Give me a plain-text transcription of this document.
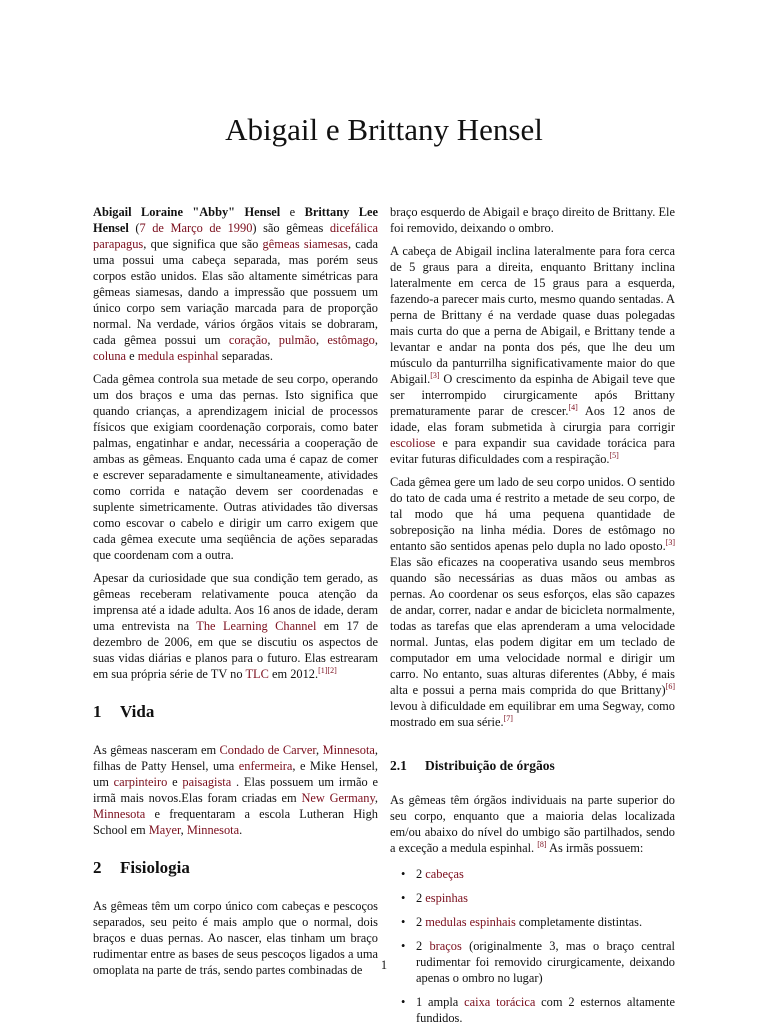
Abigail e Brittany Hensel

Abigail Loraine "Abby" Hensel e Brittany Lee Hensel (7 de Março de 1990) são gêmeas dicefálica parapagus, que significa que são gêmeas siamesas, cada uma possui uma cabeça separada, mas porém seus corpos estão unidos. Elas são altamente simétricas para gêmeas siamesas, dando a impressão que possuem um único corpo sem variação marcada para de proporção normal. Na verdade, vários órgãos vitais se dobraram, cada gêmea possui um coração, pulmão, estômago, coluna e medula espinhal separadas.

Cada gêmea controla sua metade de seu corpo, operando um dos braços e uma das pernas. Isto significa que quando crianças, a aprendizagem inicial de processos físicos que exigiam coordenação corporais, como bater palmas, engatinhar e andar, necessária a cooperação de ambas as gêmeas. Enquanto cada uma é capaz de comer e escrever separadamente e simultaneamente, atividades como corrida e natação devem ser coordenadas e suplente simetricamente. Outras atividades tão diversas como escovar o cabelo e dirigir um carro exigem que cada gêmea execute uma seqüência de ações separadas que coordenam com a outra.

Apesar da curiosidade que sua condição tem gerado, as gêmeas receberam relativamente pouca atenção da imprensa até a idade adulta. Aos 16 anos de idade, deram uma entrevista na The Learning Channel em 17 de dezembro de 2006, em que se discutiu os aspectos de suas vidas diárias e planos para o futuro. Elas estrearam em sua própria série de TV no TLC em 2012.[1][2]

1 Vida

As gêmeas nasceram em Condado de Carver, Minnesota, filhas de Patty Hensel, uma enfermeira, e Mike Hensel, um carpinteiro e paisagista . Elas possuem um irmão e irmã mais novos.Elas foram criadas em New Germany, Minnesota e frequentaram a escola Lutheran High School em Mayer, Minnesota.

2 Fisiologia

As gêmeas têm um corpo único com cabeças e pescoços separados, seu peito é mais amplo que o normal, dois braços e duas pernas. Ao nascer, elas tinham um braço rudimentar entre as bases de seus pescoços ligados a uma omoplata na parte de trás, sendo partes combinadas de

braço esquerdo de Abigail e braço direito de Brittany. Ele foi removido, deixando o ombro.

A cabeça de Abigail inclina lateralmente para fora cerca de 5 graus para a direita, enquanto Brittany inclina lateralmente em cerca de 15 graus para a esquerda, fazendo-a parecer mais curto, mesmo quando sentadas. A perna de Brittany é na verdade quase duas polegadas mais curta do que a perna de Abigail, e Brittany tende a levantar e andar na ponta dos pés, que lhe deu um músculo da panturrilha significativamente maior do que Abigail.[3] O crescimento da espinha de Abigail teve que ser interrompido cirurgicamente após Brittany prematuramente parar de crescer.[4] Aos 12 anos de idade, elas foram submetida à cirurgia para corrigir escoliose e para expandir sua cavidade torácica para evitar futuras dificuldades com a respiração.[5]

Cada gêmea gere um lado de seu corpo unidos. O sentido do tato de cada uma é restrito a metade de seu corpo, de tal modo que há uma pequena quantidade de sobreposição na linha média. Dores de estômago no entanto são sentidos apenas pelo dupla no lado oposto.[3] Elas são eficazes na cooperativa usando seus membros quando são necessárias as duas mãos ou ambas as pernas. Ao coordenar os seus esforços, elas são capazes de andar, correr, nadar e andar de bicicleta normalmente, todas as tarefas que elas aprenderam a uma velocidade normal. Juntas, elas podem digitar em um teclado de computador em uma velocidade normal e dirigir um carro. No entanto, suas alturas diferentes (Abby, é mais alta e possui a perna mais comprida do que Brittany)[6] levou à dificuldade em equilibrar em uma Segway, como mostrado em sua série.[7]

2.1 Distribuição de órgãos

As gêmeas têm órgãos individuais na parte superior do seu corpo, enquanto que a maioria delas localizada em/ou abaixo do nível do umbigo são partilhados, sendo a exceção a medula espinhal. [8] As irmãs possuem:

• 2 cabeças
• 2 espinhas
• 2 medulas espinhais completamente distintas.
• 2 braços (originalmente 3, mas o braço central rudimentar foi removido cirurgicamente, deixando apenas o ombro no lugar)
• 1 ampla caixa torácica com 2 esternos altamente fundidos.
1
